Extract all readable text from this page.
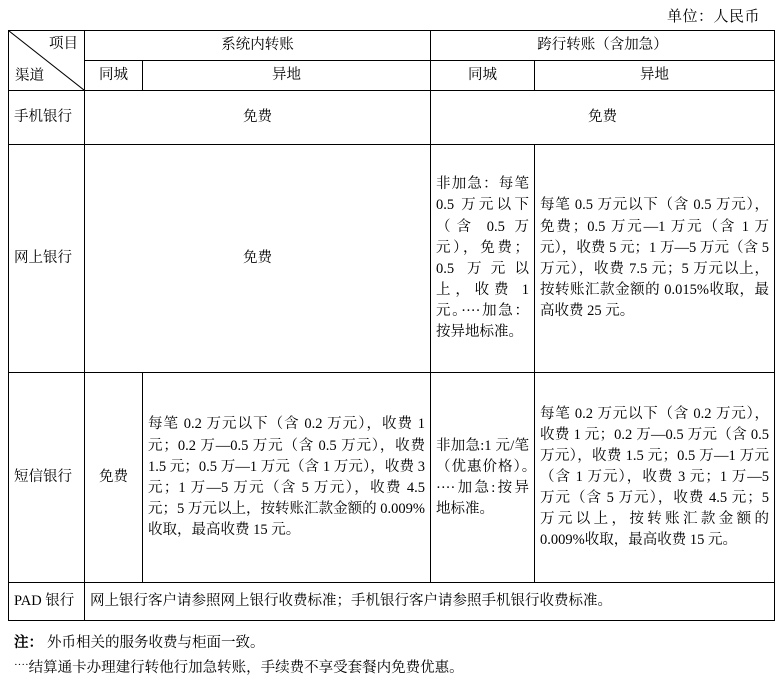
单位：人民币
项目
渠道	系统内转账		跨行转账（含加急）	
	同城	异地	同城	异地
手机银行	免费		免费	
网上银行	免费		非加急：每笔 0.5 万元以下（含 0.5 万元），免费；0.5 万元以上，收费 1 元。····加急：按异地标准。	每笔 0.5 万元以下（含 0.5 万元），免费；0.5 万元—1 万元（含 1 万元），收费 5 元；1 万—5 万元（含 5 万元），收费 7.5 元；5 万元以上，按转账汇款金额的 0.015%收取，最高收费 25 元。
短信银行	免费	每笔 0.2 万元以下（含 0.2 万元），收费 1 元；0.2 万—0.5 万元（含 0.5 万元），收费 1.5 元；0.5 万—1 万元（含 1 万元），收费 3 元；1 万—5 万元（含 5 万元），收费 4.5 元；5 万元以上，按转账汇款金额的 0.009%收取，最高收费 15 元。	非加急:1 元/笔（优惠价格）。····加急:按异地标准。	每笔 0.2 万元以下（含 0.2 万元），收费 1 元；0.2 万—0.5 万元（含 0.5 万元），收费 1.5 元；0.5 万—1 万元（含 1 万元），收费 3 元；1 万—5 万元（含 5 万元），收费 4.5 元；5 万元以上，按转账汇款金额的 0.009%收取，最高收费 15 元。
PAD 银行	网上银行客户请参照网上银行收费标准；手机银行客户请参照手机银行收费标准。			
注： 外币相关的服务收费与柜面一致。
····结算通卡办理建行转他行加急转账，手续费不享受套餐内免费优惠。
